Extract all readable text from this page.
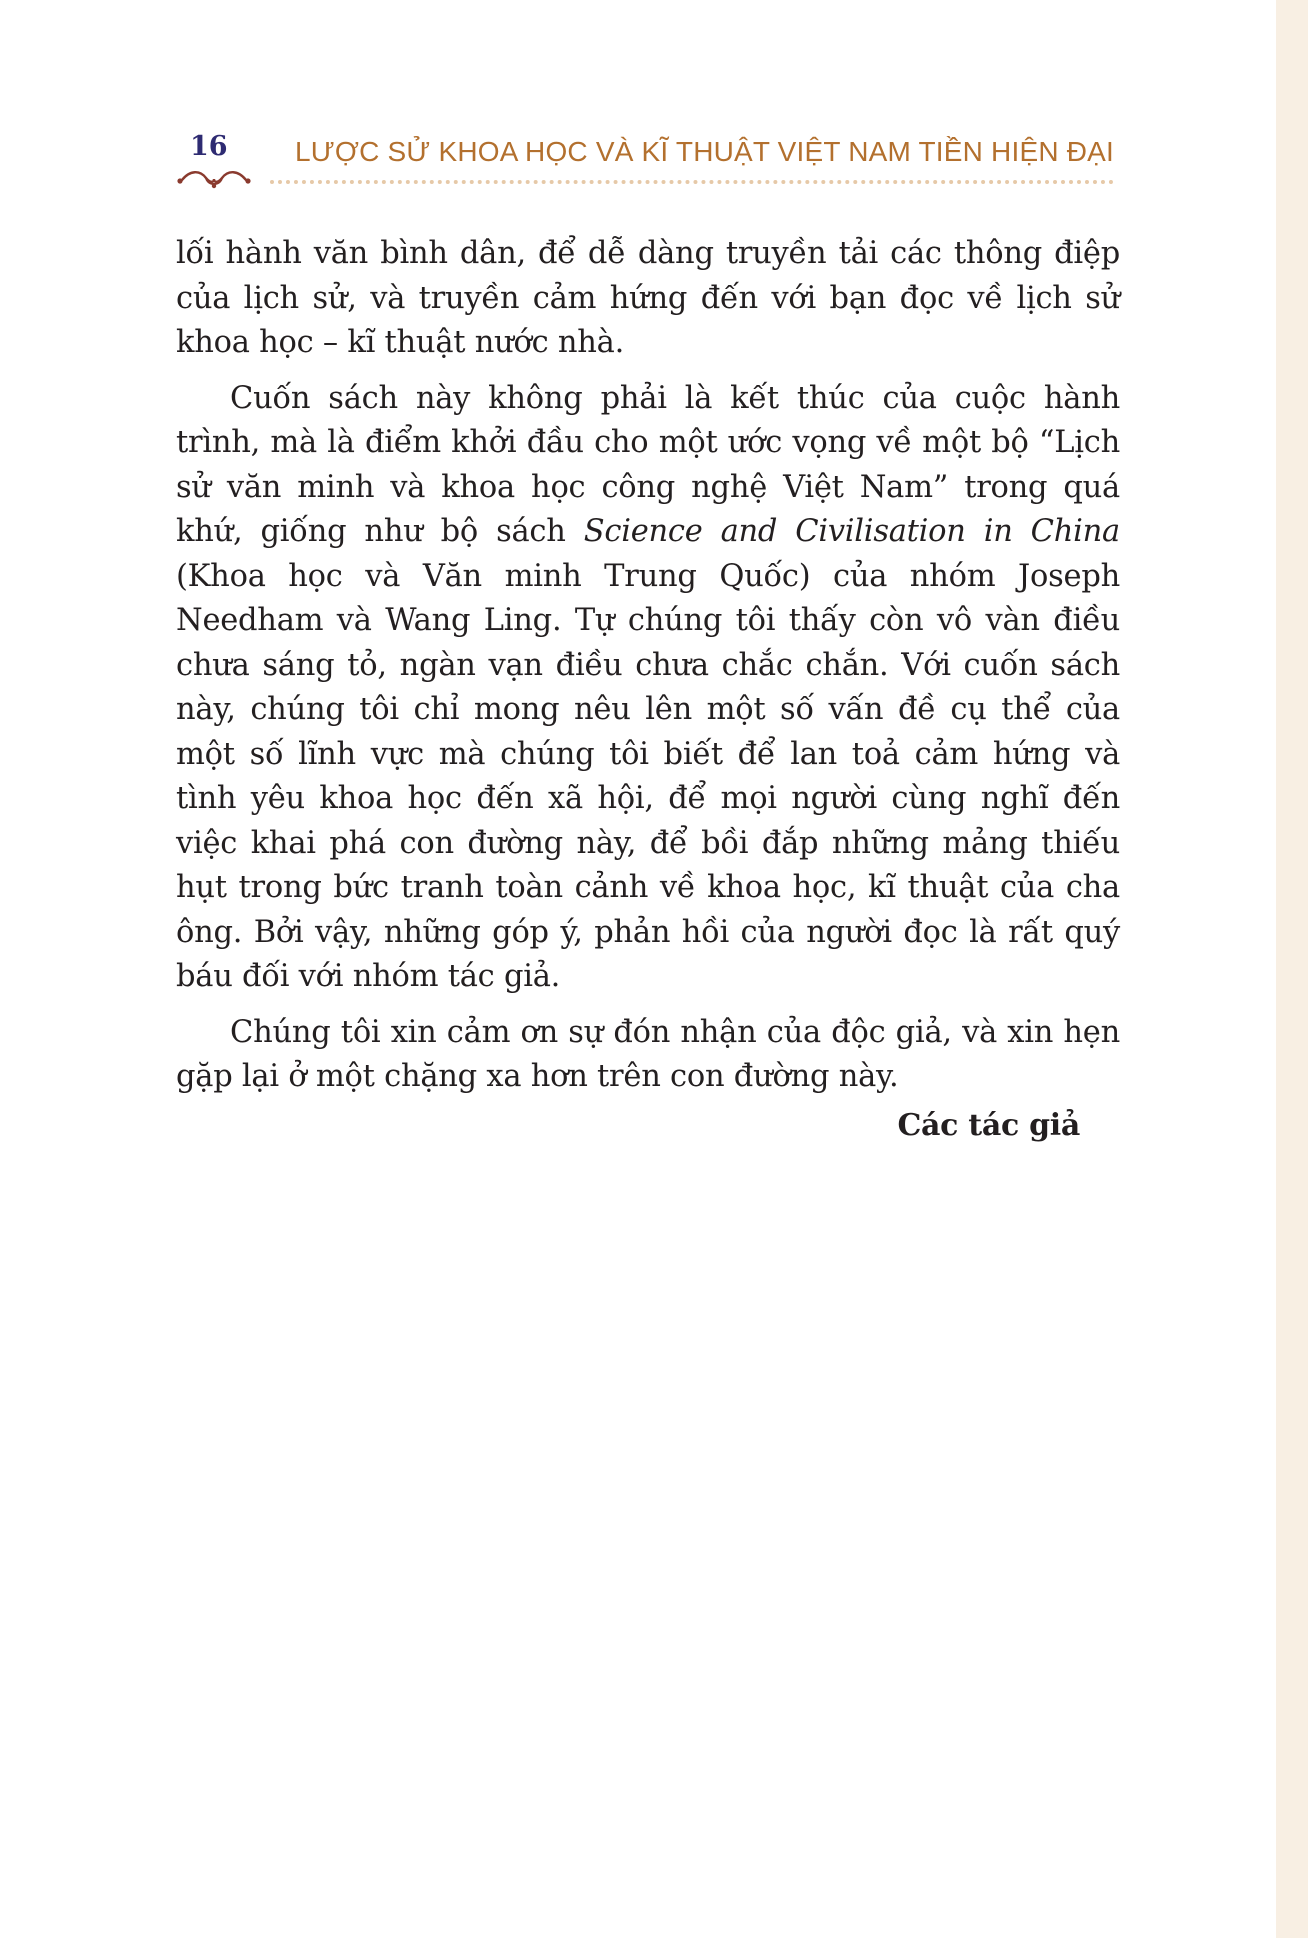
16 LƯỢC SỬ KHOA HỌC VÀ KĨ THUẬT VIỆT NAM TIỀN HIỆN ĐẠI

lối hành văn bình dân, để dễ dàng truyền tải các thông điệp của lịch sử, và truyền cảm hứng đến với bạn đọc về lịch sử khoa học – kĩ thuật nước nhà.

Cuốn sách này không phải là kết thúc của cuộc hành trình, mà là điểm khởi đầu cho một ước vọng về một bộ “Lịch sử văn minh và khoa học công nghệ Việt Nam” trong quá khứ, giống như bộ sách Science and Civilisation in China (Khoa học và Văn minh Trung Quốc) của nhóm Joseph Needham và Wang Ling. Tự chúng tôi thấy còn vô vàn điều chưa sáng tỏ, ngàn vạn điều chưa chắc chắn. Với cuốn sách này, chúng tôi chỉ mong nêu lên một số vấn đề cụ thể của một số lĩnh vực mà chúng tôi biết để lan toả cảm hứng và tình yêu khoa học đến xã hội, để mọi người cùng nghĩ đến việc khai phá con đường này, để bồi đắp những mảng thiếu hụt trong bức tranh toàn cảnh về khoa học, kĩ thuật của cha ông. Bởi vậy, những góp ý, phản hồi của người đọc là rất quý báu đối với nhóm tác giả.

Chúng tôi xin cảm ơn sự đón nhận của độc giả, và xin hẹn gặp lại ở một chặng xa hơn trên con đường này.

Các tác giả
